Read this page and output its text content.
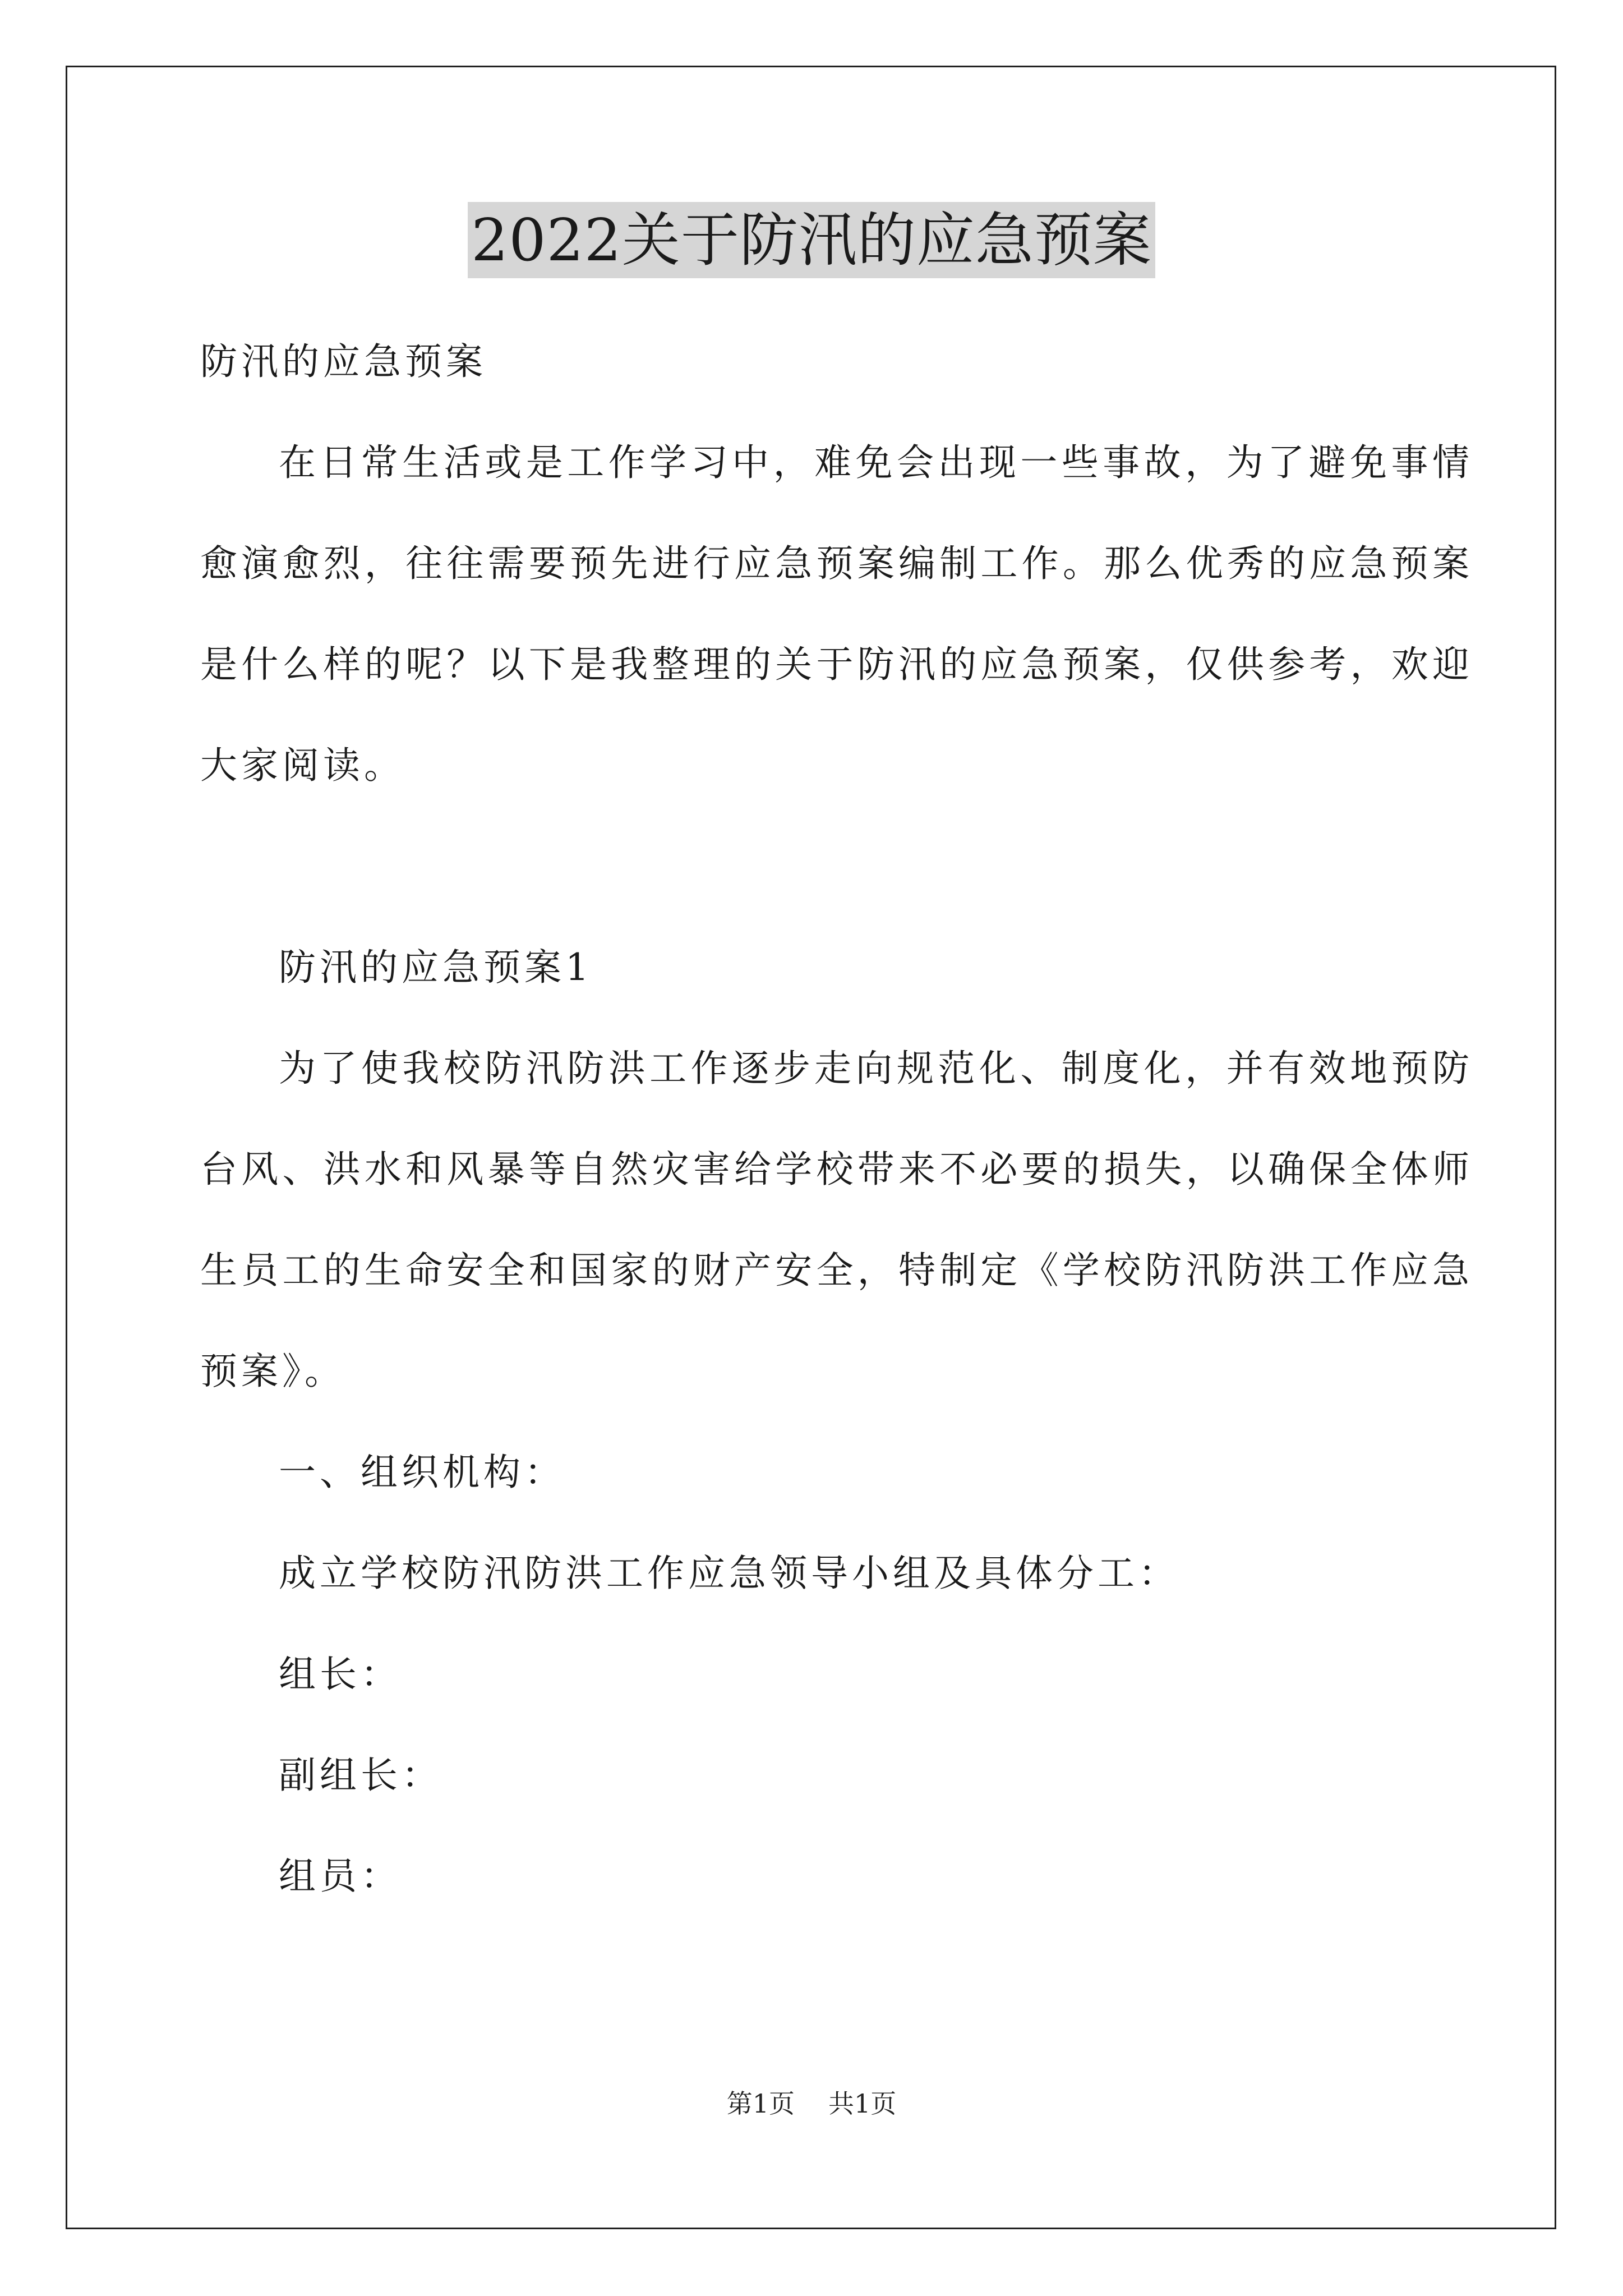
2022关于防汛的应急预案

防汛的应急预案

在日常生活或是工作学习中，难免会出现一些事故，为了避免事情愈演愈烈，往往需要预先进行应急预案编制工作。那么优秀的应急预案是什么样的呢？以下是我整理的关于防汛的应急预案，仅供参考，欢迎大家阅读。

防汛的应急预案1

为了使我校防汛防洪工作逐步走向规范化、制度化，并有效地预防台风、洪水和风暴等自然灾害给学校带来不必要的损失，以确保全体师生员工的生命安全和国家的财产安全，特制定《学校防汛防洪工作应急预案》。

一、组织机构：

成立学校防汛防洪工作应急领导小组及具体分工：

组长：

副组长：

组员：

第1页 共1页
